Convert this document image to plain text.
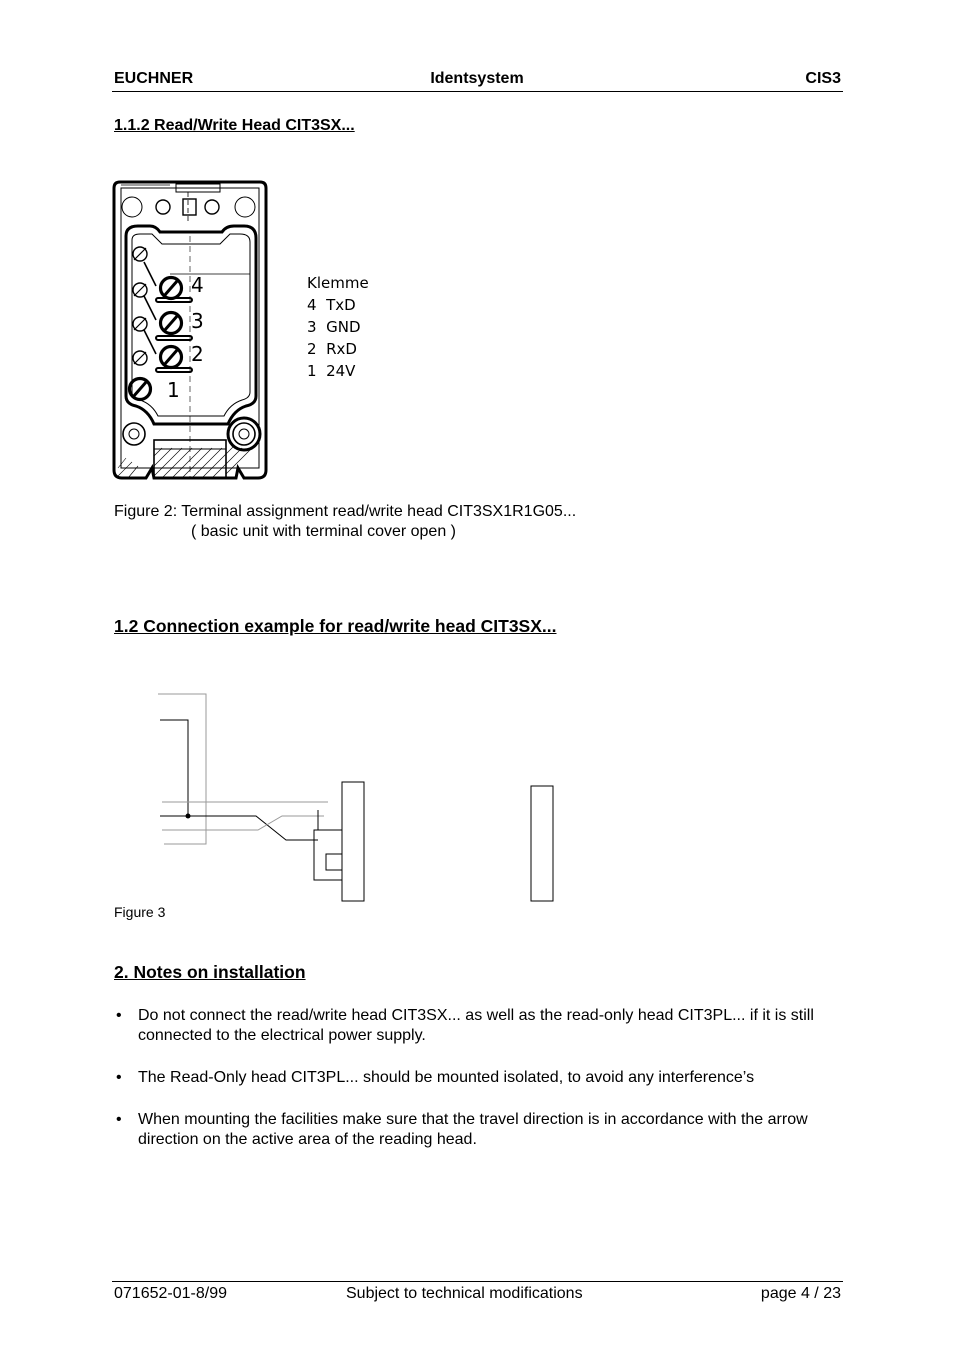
EUCHNER	Identsystem	CIS3
1.1.2 Read/Write Head CIT3SX...
4
3
2
1
Klemme
4 TxD
3 GND
2 RxD
1 24V
Figure 2: Terminal assignment read/write head CIT3SX1R1G05...
( basic unit with terminal cover open )
1.2 Connection example for read/write head CIT3SX...
Figure 3
2. Notes on installation
• Do not connect the read/write head CIT3SX... as well as the read-only head CIT3PL... if it is still connected to the electrical power supply.
• The Read-Only head CIT3PL... should be mounted isolated, to avoid any interference’s
• When mounting the facilities make sure that the travel direction is in accordance with the arrow direction on the active area of the reading head.
071652-01-8/99	Subject to technical modifications	page 4 / 23
